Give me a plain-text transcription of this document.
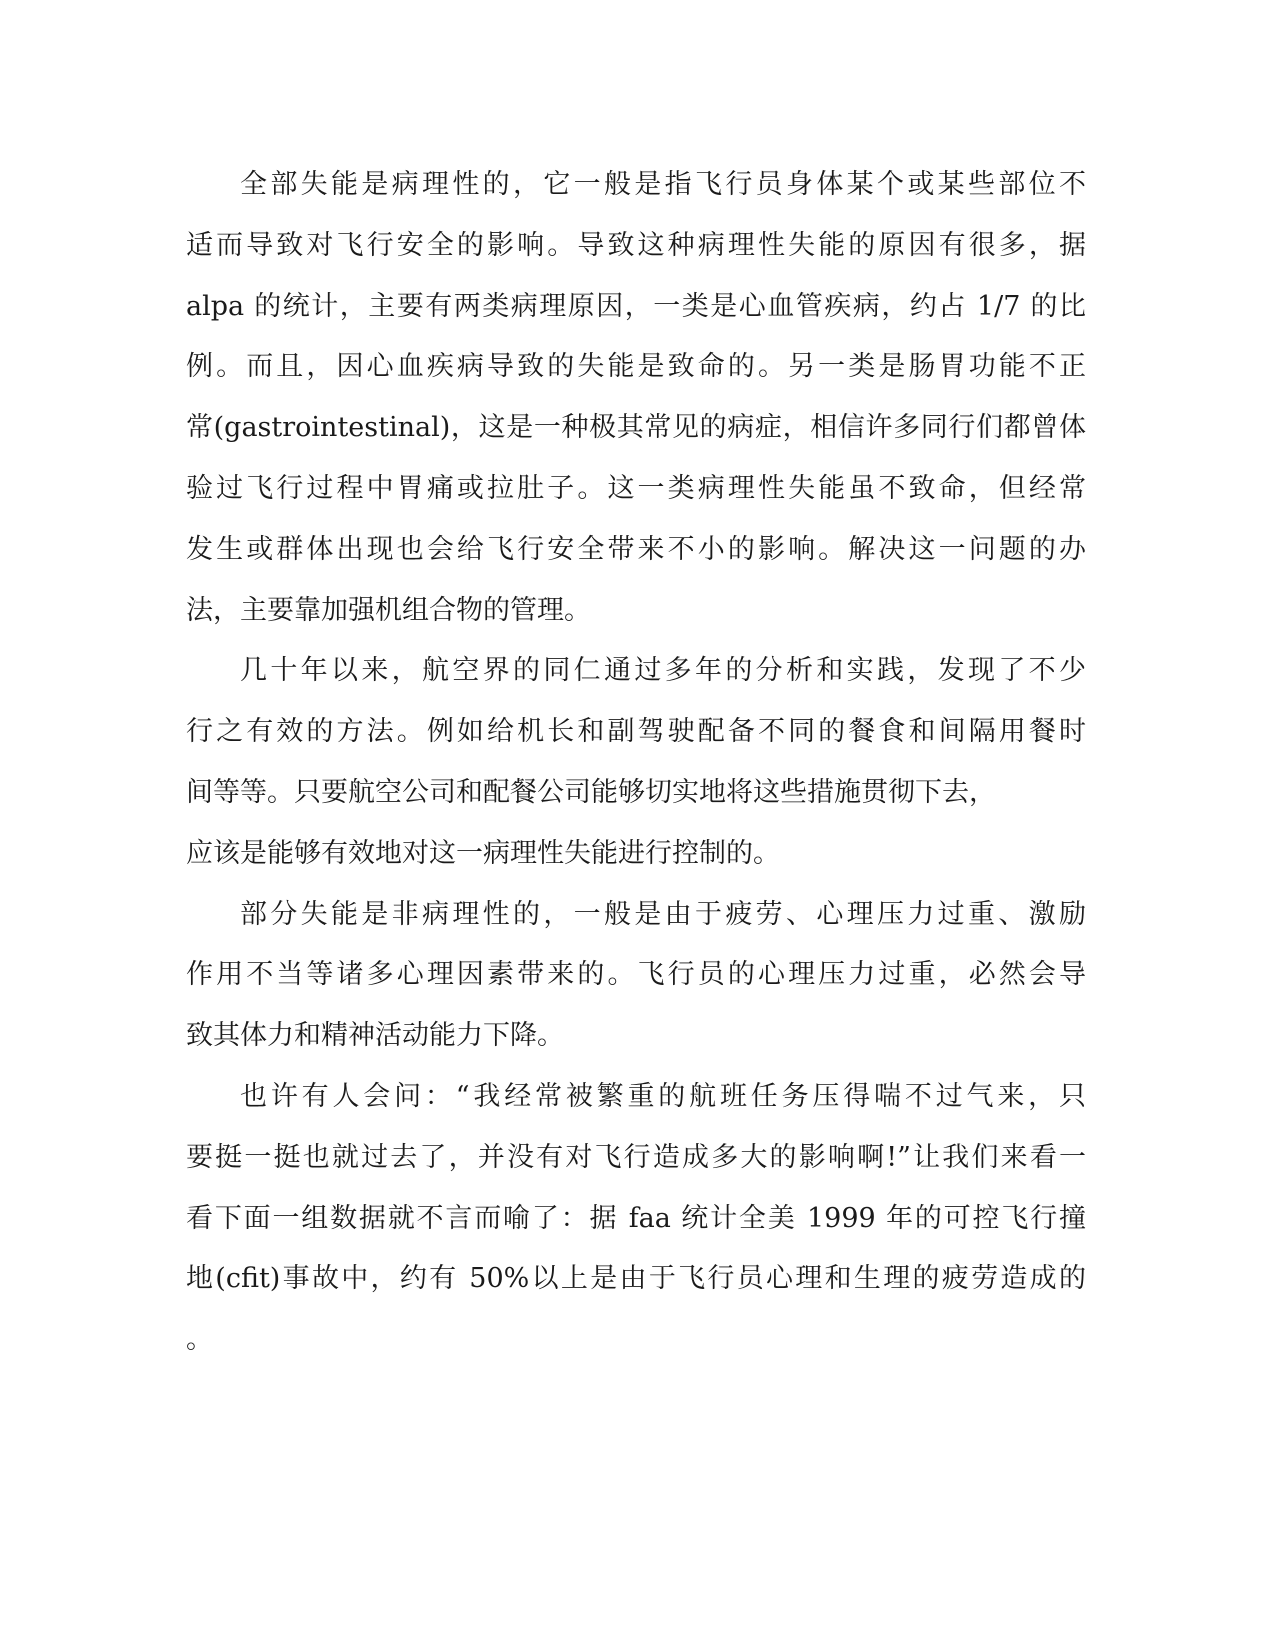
全部失能是病理性的，它一般是指飞行员身体某个或某些部位不
适而导致对飞行安全的影响。导致这种病理性失能的原因有很多，据
alpa 的统计，主要有两类病理原因，一类是心血管疾病，约占 1/7 的比
例。而且，因心血疾病导致的失能是致命的。另一类是肠胃功能不正
常(gastrointestinal)，这是一种极其常见的病症，相信许多同行们都曾体
验过飞行过程中胃痛或拉肚子。这一类病理性失能虽不致命，但经常
发生或群体出现也会给飞行安全带来不小的影响。解决这一问题的办
法，主要靠加强机组合物的管理。
几十年以来，航空界的同仁通过多年的分析和实践，发现了不少
行之有效的方法。例如给机长和副驾驶配备不同的餐食和间隔用餐时
间等等。只要航空公司和配餐公司能够切实地将这些措施贯彻下去，
应该是能够有效地对这一病理性失能进行控制的。
部分失能是非病理性的，一般是由于疲劳、心理压力过重、激励
作用不当等诸多心理因素带来的。飞行员的心理压力过重，必然会导
致其体力和精神活动能力下降。
也许有人会问：“我经常被繁重的航班任务压得喘不过气来，只
要挺一挺也就过去了，并没有对飞行造成多大的影响啊!”让我们来看一
看下面一组数据就不言而喻了：据 faa 统计全美 1999 年的可控飞行撞
地(cfit)事故中，约有 50%以上是由于飞行员心理和生理的疲劳造成的
。
